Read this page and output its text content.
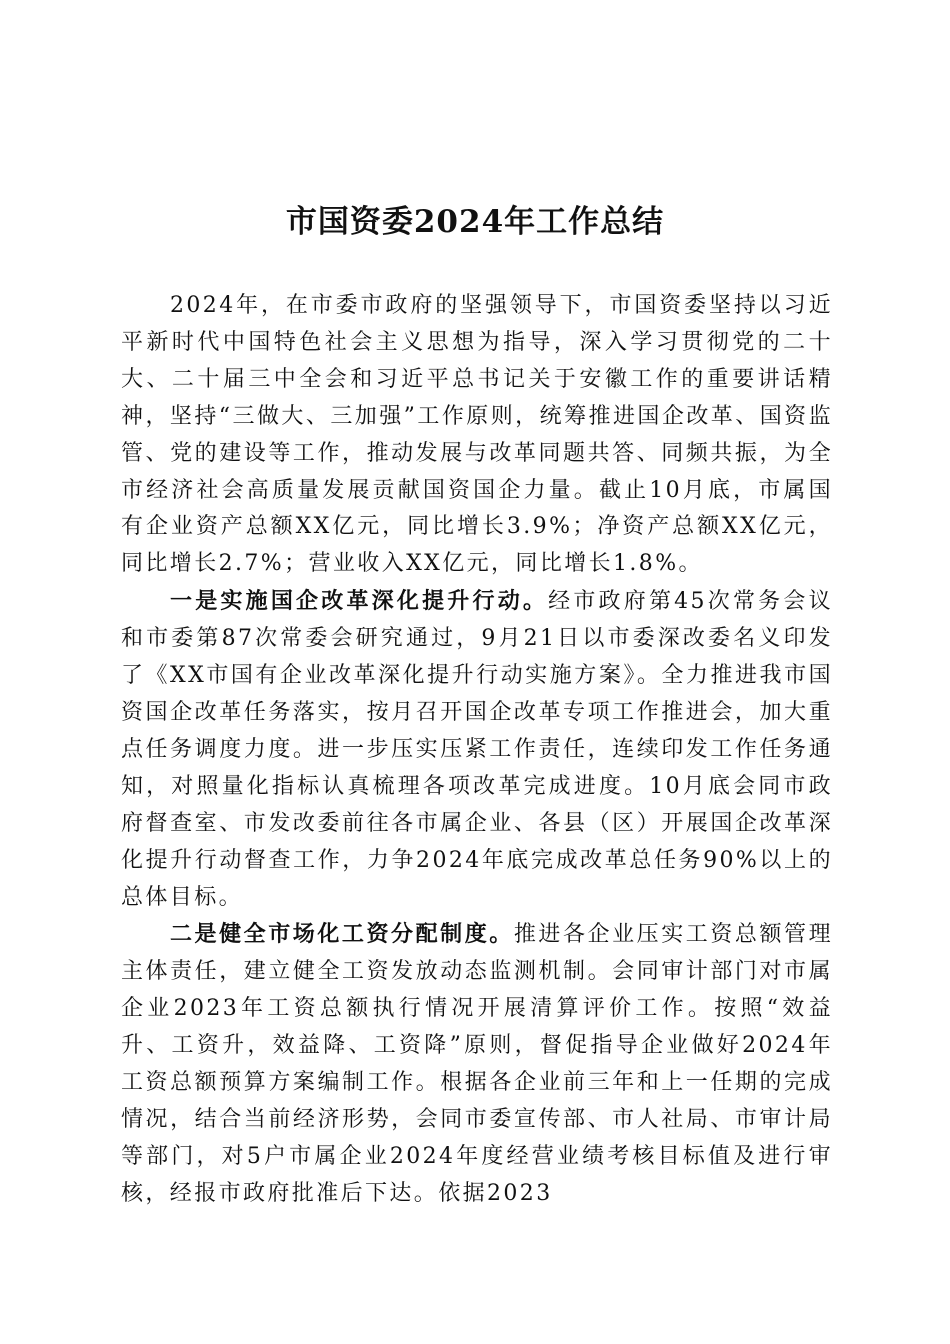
市国资委2024年工作总结

2024年，在市委市政府的坚强领导下，市国资委坚持以习近平新时代中国特色社会主义思想为指导，深入学习贯彻党的二十大、二十届三中全会和习近平总书记关于安徽工作的重要讲话精神，坚持“三做大、三加强”工作原则，统筹推进国企改革、国资监管、党的建设等工作，推动发展与改革同题共答、同频共振，为全市经济社会高质量发展贡献国资国企力量。截止10月底，市属国有企业资产总额XX亿元，同比增长3.9%；净资产总额XX亿元，同比增长2.7%；营业收入XX亿元，同比增长1.8%。

一是实施国企改革深化提升行动。经市政府第45次常务会议和市委第87次常委会研究通过，9月21日以市委深改委名义印发了《XX市国有企业改革深化提升行动实施方案》。全力推进我市国资国企改革任务落实，按月召开国企改革专项工作推进会，加大重点任务调度力度。进一步压实压紧工作责任，连续印发工作任务通知，对照量化指标认真梳理各项改革完成进度。10月底会同市政府督查室、市发改委前往各市属企业、各县（区）开展国企改革深化提升行动督查工作，力争2024年底完成改革总任务90%以上的总体目标。

二是健全市场化工资分配制度。推进各企业压实工资总额管理主体责任，建立健全工资发放动态监测机制。会同审计部门对市属企业2023年工资总额执行情况开展清算评价工作。按照“效益升、工资升，效益降、工资降”原则，督促指导企业做好2024年工资总额预算方案编制工作。根据各企业前三年和上一任期的完成情况，结合当前经济形势，会同市委宣传部、市人社局、市审计局等部门，对5户市属企业2024年度经营业绩考核目标值及进行审核，经报市政府批准后下达。依据2023
